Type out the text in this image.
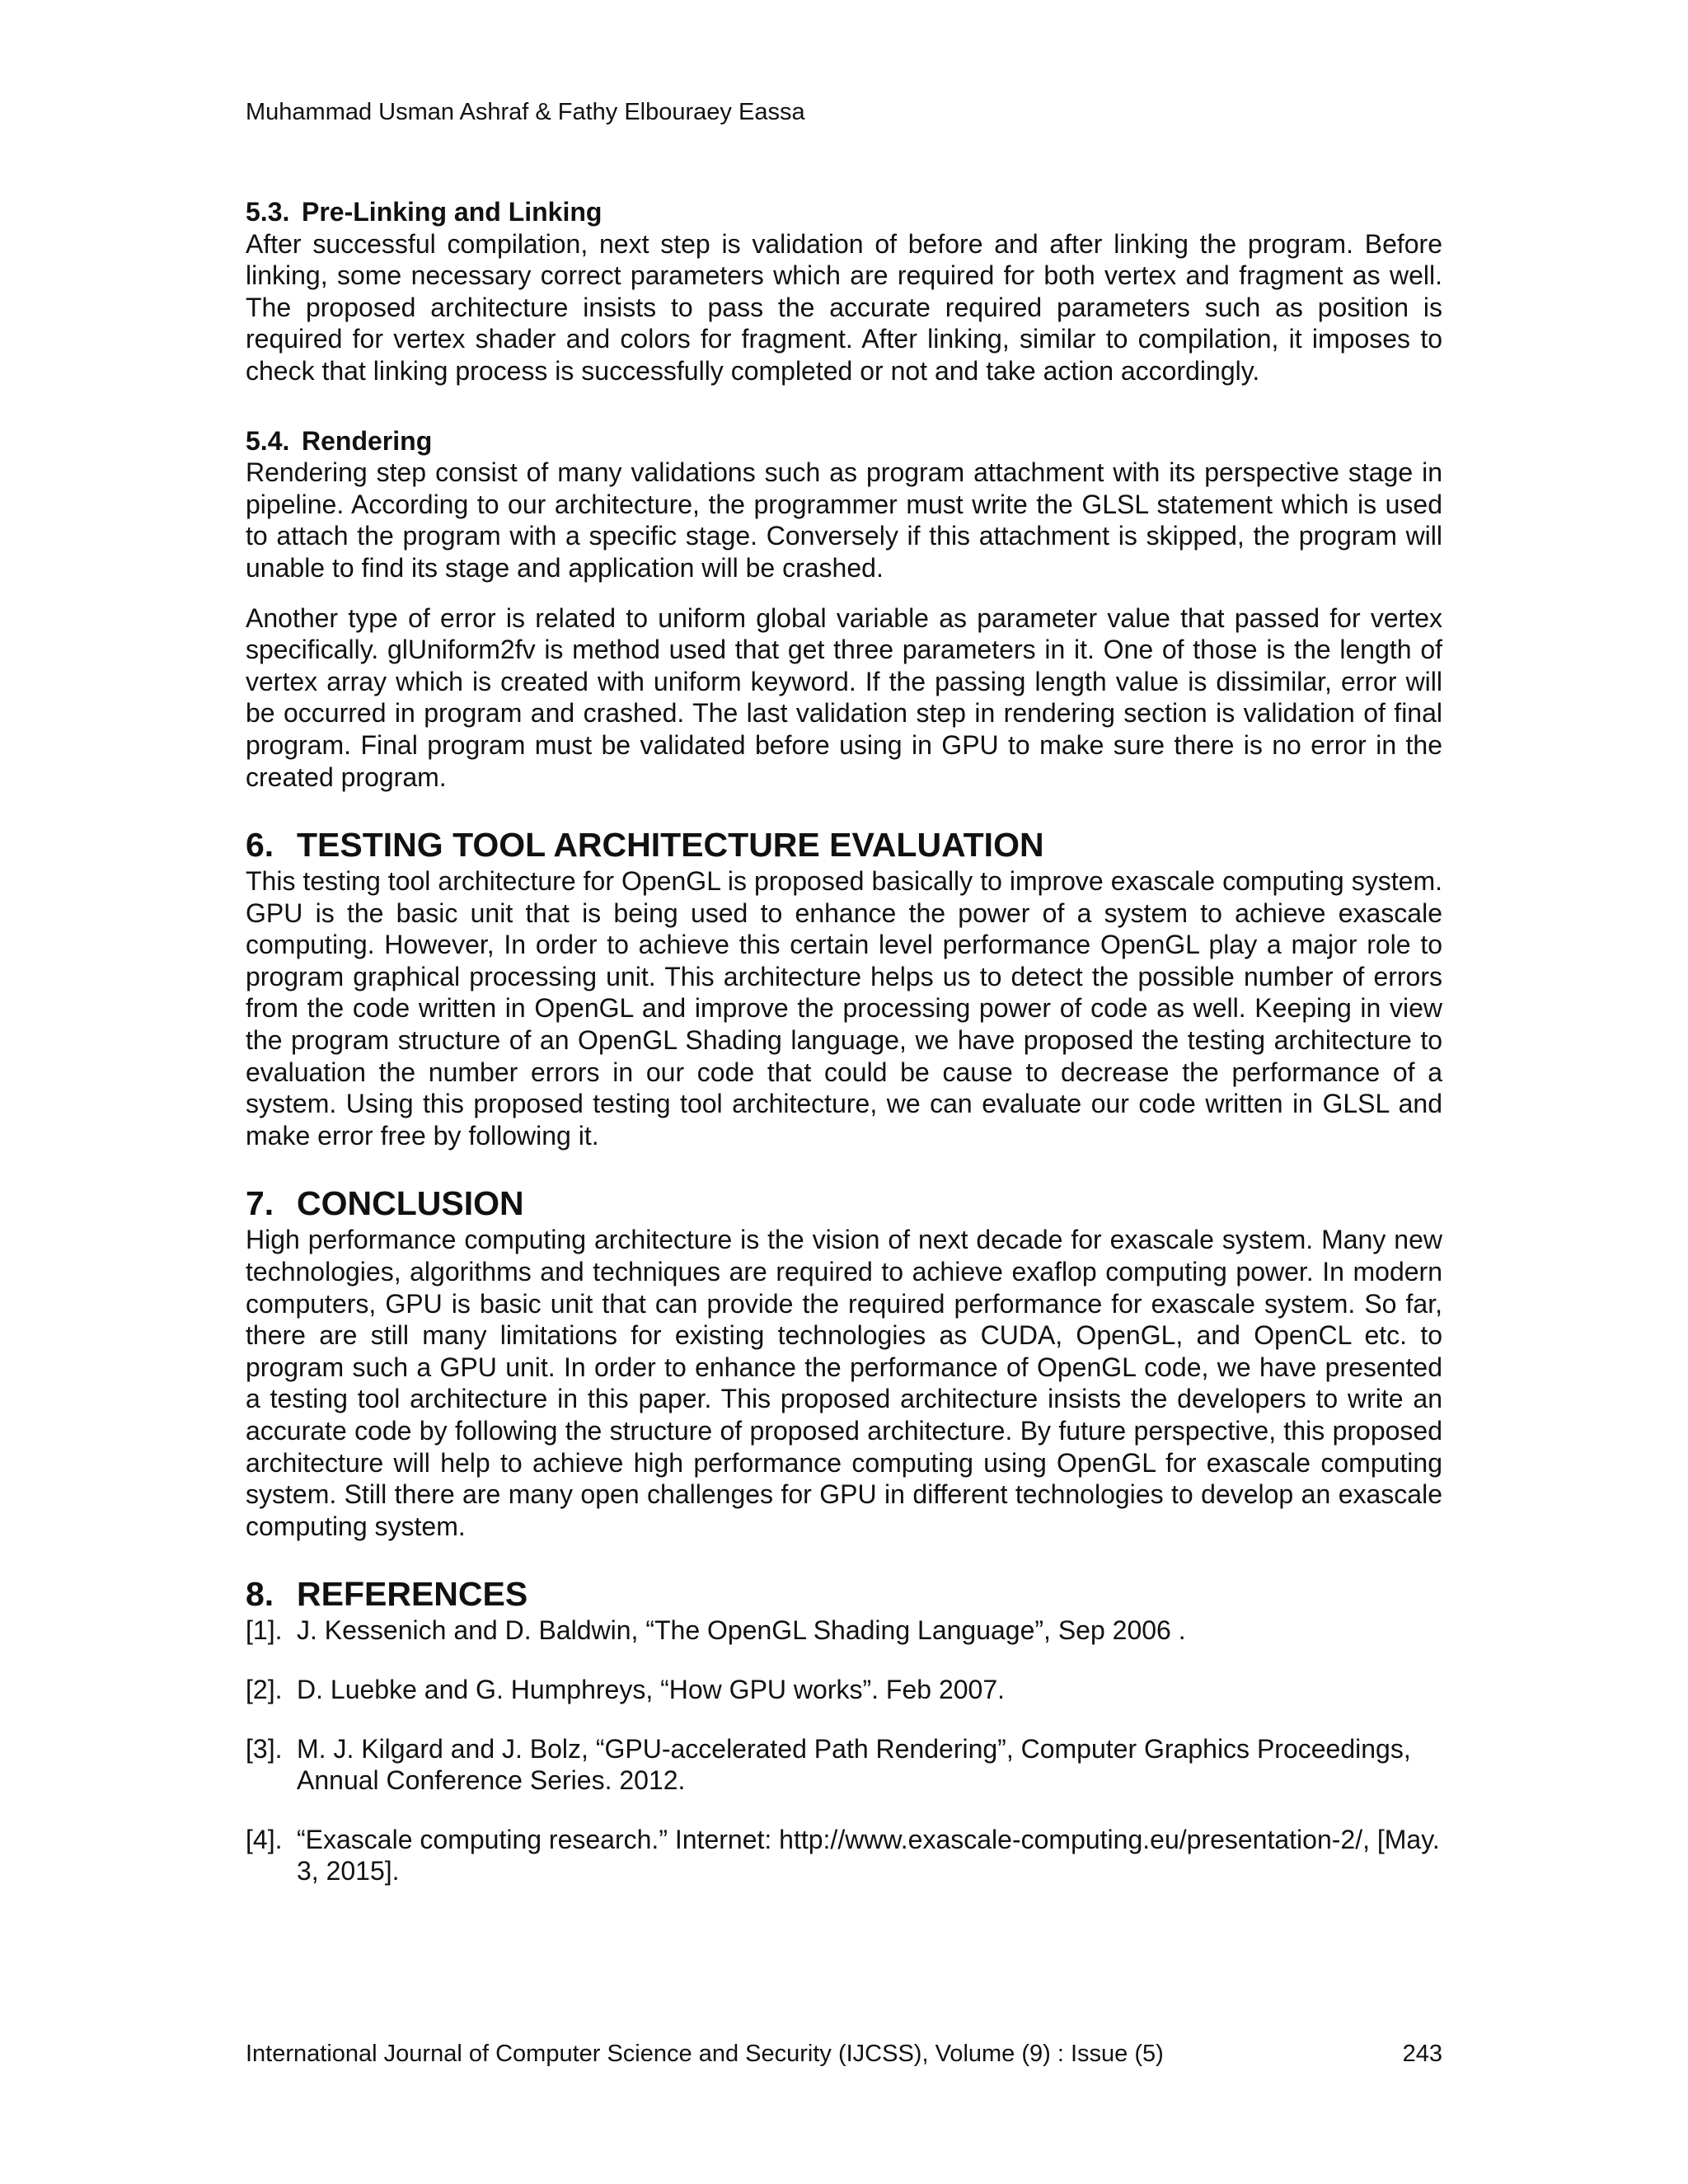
Muhammad Usman Ashraf & Fathy Elbouraey Eassa
5.3. Pre-Linking and Linking

After successful compilation, next step is validation of before and after linking the program. Before linking, some necessary correct parameters which are required for both vertex and fragment as well. The proposed architecture insists to pass the accurate required parameters such as position is required for vertex shader and colors for fragment. After linking, similar to compilation, it imposes to check that linking process is successfully completed or not and take action accordingly.

5.4. Rendering

Rendering step consist of many validations such as program attachment with its perspective stage in pipeline. According to our architecture, the programmer must write the GLSL statement which is used to attach the program with a specific stage. Conversely if this attachment is skipped, the program will unable to find its stage and application will be crashed.

Another type of error is related to uniform global variable as parameter value that passed for vertex specifically. glUniform2fv is method used that get three parameters in it. One of those is the length of vertex array which is created with uniform keyword. If the passing length value is dissimilar, error will be occurred in program and crashed. The last validation step in rendering section is validation of final program. Final program must be validated before using in GPU to make sure there is no error in the created program.

6. TESTING TOOL ARCHITECTURE EVALUATION

This testing tool architecture for OpenGL is proposed basically to improve exascale computing system. GPU is the basic unit that is being used to enhance the power of a system to achieve exascale computing. However, In order to achieve this certain level performance OpenGL play a major role to program graphical processing unit. This architecture helps us to detect the possible number of errors from the code written in OpenGL and improve the processing power of code as well. Keeping in view the program structure of an OpenGL Shading language, we have proposed the testing architecture to evaluation the number errors in our code that could be cause to decrease the performance of a system. Using this proposed testing tool architecture, we can evaluate our code written in GLSL and make error free by following it.

7. CONCLUSION

High performance computing architecture is the vision of next decade for exascale system. Many new technologies, algorithms and techniques are required to achieve exaflop computing power. In modern computers, GPU is basic unit that can provide the required performance for exascale system. So far, there are still many limitations for existing technologies as CUDA, OpenGL, and OpenCL etc. to program such a GPU unit. In order to enhance the performance of OpenGL code, we have presented a testing tool architecture in this paper. This proposed architecture insists the developers to write an accurate code by following the structure of proposed architecture. By future perspective, this proposed architecture will help to achieve high performance computing using OpenGL for exascale computing system. Still there are many open challenges for GPU in different technologies to develop an exascale computing system.

8. REFERENCES
[1]. J. Kessenich and D. Baldwin, “The OpenGL Shading Language”, Sep 2006 .
[2]. D. Luebke and G. Humphreys, “How GPU works”. Feb 2007.
[3]. M. J. Kilgard and J. Bolz, “GPU-accelerated Path Rendering”, Computer Graphics Proceedings, Annual Conference Series. 2012.
[4]. “Exascale computing research.” Internet: http://www.exascale-computing.eu/presentation-2/, [May. 3, 2015].
International Journal of Computer Science and Security (IJCSS), Volume (9) : Issue (5)	243
